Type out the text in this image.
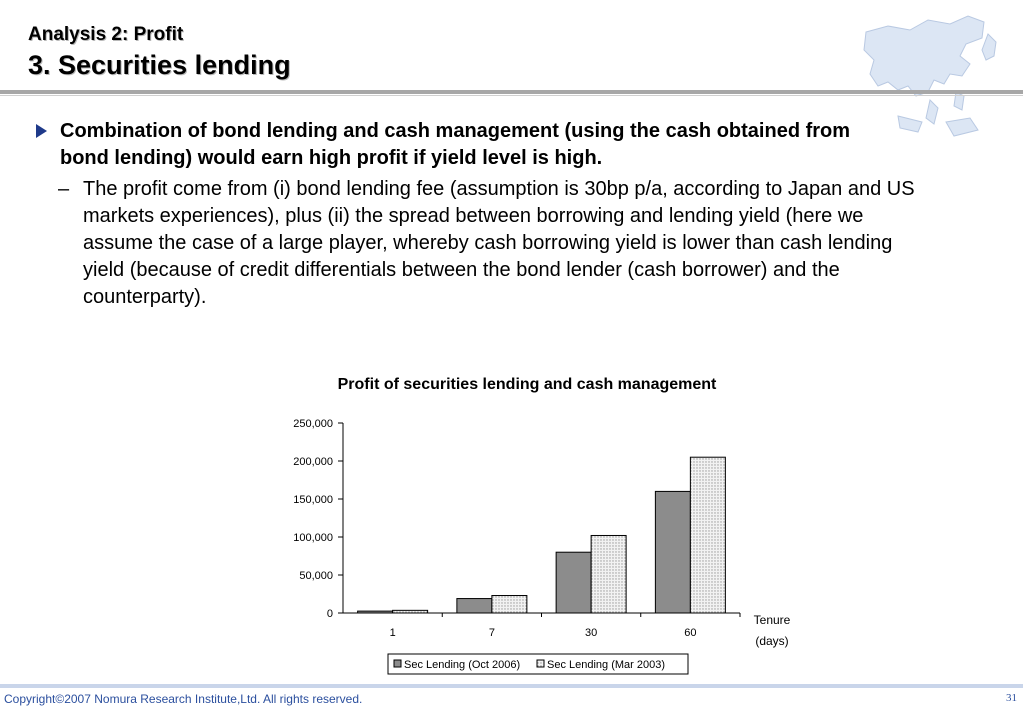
Analysis 2: Profit
3. Securities lending
Combination of bond lending and cash management (using the cash obtained from bond lending) would earn high profit if yield level is high.
– The profit come from (i) bond lending fee (assumption is 30bp p/a, according to Japan and US markets experiences), plus (ii) the spread between borrowing and lending yield (here we assume the case of a large player, whereby cash borrowing yield is lower than cash lending yield (because of credit differentials between the bond lender (cash borrower) and the counterparty).
Profit of securities lending and cash management
0
50,000
100,000
150,000
200,000
250,000
1	7	30	60
Tenure
(days)
Sec Lending (Oct 2006) Sec Lending (Mar 2003)
Copyright©2007 Nomura Research Institute,Ltd. All rights reserved.	31
